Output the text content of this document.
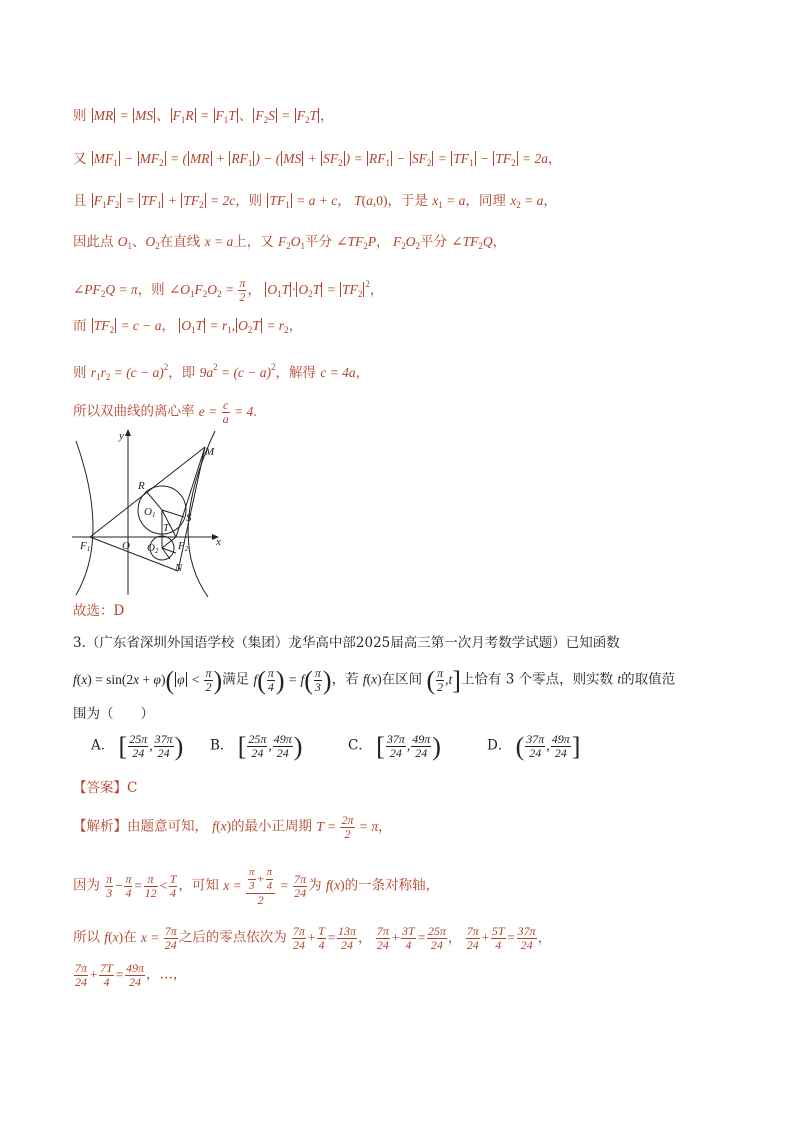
则 MR = MS 、 $F_1R = F_1T$ 、 $F_2S = F_2T$ ，
又 $MF_1 - MF_2$ = ( MR + $RF_1$ ) − ( MS + $SF_2$ ) = $RF_1 - SF_2 = TF_1 - TF_2 = 2a$，
且 $F_1F_2 = TF_1 + TF_2 = 2c$，则 $TF_1 = a + c$， T(a,0)，于是 $x_1 = a$，同理 $x_2 = a$，
因此点 $O_1$、$O_2$在直线 x = a上，又 $F_2O_1$平分 $\angle TF_2P$， $F_2O_2$平分 $\angle TF_2Q$，
$\angle PF_2Q = \pi$，则 $\angle O_1F_2O_2 = \frac{\pi}{2}$ ， $O_1T \cdot O_2T = TF_2^2$，
而 $TF_2 = c - a$， $O_1T = r_1$, $O_2T = r_2$，
则 $r_1r_2 = (c - a)^2$，即 $9a^2 = (c - a)^2$，解得 c = 4a，
所以双曲线的离心率 $e = \frac{c}{a} = 4$.
y
x
M
R
O1	S
T
F1	O O2 F2
N
故选：D
3.（广东省深圳外国语学校（集团）龙华高中部2025届高三第一次月考数学试题）已知函数
f(x) = sin(2x + φ)( $\varphi < \frac{\pi}{2}$ )满足 $f( \frac{\pi}{4}$ ) = $f( \frac{\pi}{3}$ )，若 f(x)在区间 ( $\frac{\pi}{2} ,t$]上恰有 3 个零点，则实数 t的取值范
围为（　　）
A． [ $\frac{25\pi}{24}$ , $\frac{37\pi}{24}$ ) B． [ $\frac{25\pi}{24}$ , $\frac{49\pi}{24}$ )	C． [ $\frac{37\pi}{24}$ , $\frac{49\pi}{24}$ )	D． ( $\frac{37\pi}{24}$ , $\frac{49\pi}{24}$ ]
【答案】C
【解析】由题意可知， f(x)的最小正周期 $T = \frac{2\pi}{2} = \pi$，
因为 $\frac{\pi}{3} - \frac{\pi}{4} = \frac{\pi}{12} < \frac{T}{4}$ ，可知 $x = \frac{\frac{\pi}{3} + \frac{\pi}{4}}{2} = \frac{7\pi}{24}$ 为 f(x)的一条对称轴，
所以 f(x)在 $x = \frac{7\pi}{24}$ 之后的零点依次为 $\frac{7\pi}{24} + \frac{T}{4} = \frac{13\pi}{24}$ ， $\frac{7\pi}{24} + \frac{3T}{4} = \frac{25\pi}{24}$ ， $\frac{7\pi}{24} + \frac{5T}{4} = \frac{37\pi}{24}$ ，
$\frac{7\pi}{24} + \frac{7T}{4} = \frac{49\pi}{24}$ ，…，
